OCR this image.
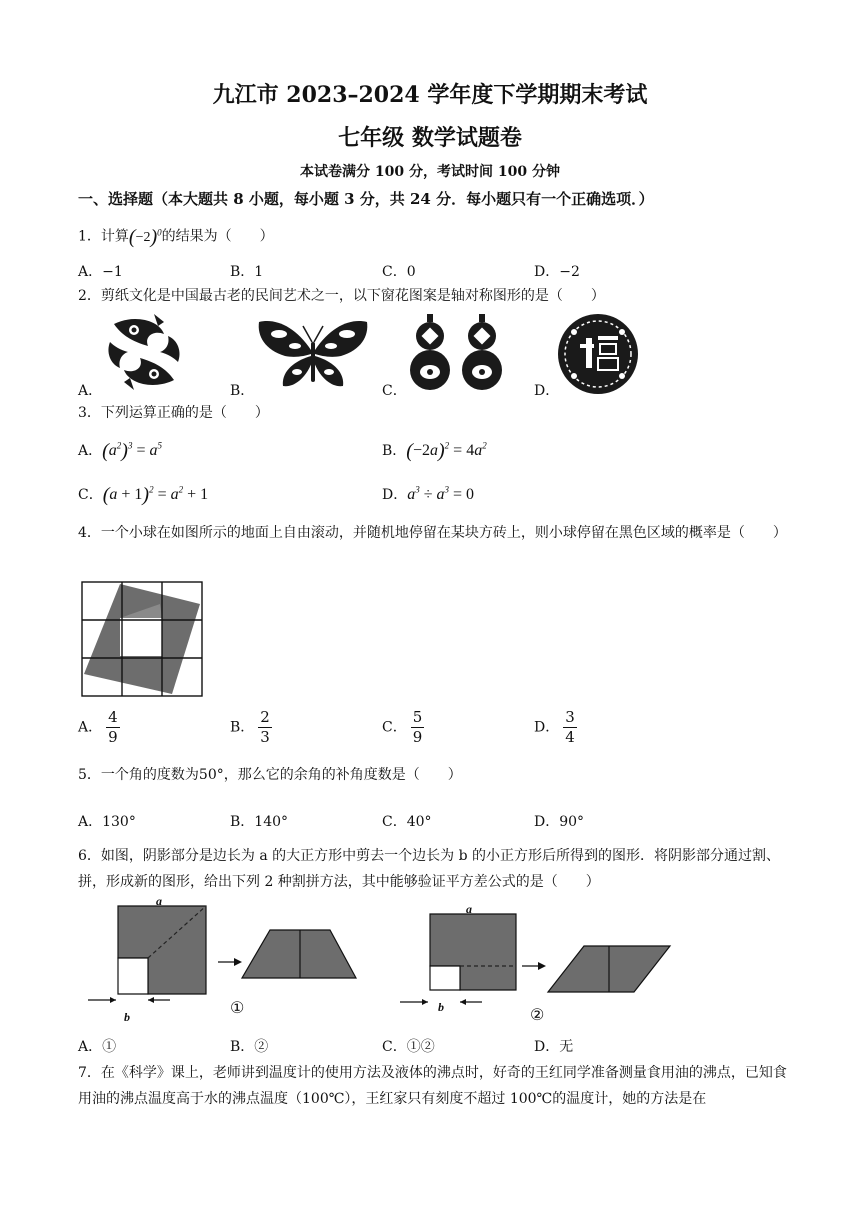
九江市 2023–2024 学年度下学期期末考试
七年级 数学试题卷
本试卷满分 100 分，考试时间 100 分钟
一、选择题（本大题共 8 小题，每小题 3 分，共 24 分．每小题只有一个正确选项．）
1．计算$(-2)^0$的结果为（　　）
A．−1	B．1	C．0	D．−2
2．剪纸文化是中国最古老的民间艺术之一，以下窗花图案是轴对称图形的是（　　）
A．	B．	C．	D．
3．下列运算正确的是（　　）
A．$(a^2)^3 = a^5$	B．$(-2a)^2 = 4a^2$
C．$(a + 1)^2 = a^2 + 1$	D．$a^3 \div a^3 = 0$
4．一个小球在如图所示的地面上自由滚动，并随机地停留在某块方砖上，则小球停留在黑色区域的概率是（　　）
A． $\frac{4}{9}$	B． $\frac{2}{3}$	C． $\frac{5}{9}$	D． $\frac{3}{4}$
5．一个角的度数为50°，那么它的余角的补角度数是（　　）
A．130°	B．140°	C．40°	D．90°
6．如图，阴影部分是边长为 a 的大正方形中剪去一个边长为 b 的小正方形后所得到的图形．将阴影部分通过割、拼，形成新的图形，给出下列 2 种割拼方法，其中能够验证平方差公式的是（　　）
a
b	①
a
b	②
A．①	B．②	C．①②	D．无
7．在《科学》课上，老师讲到温度计的使用方法及液体的沸点时，好奇的王红同学准备测量食用油的沸点，已知食用油的沸点温度高于水的沸点温度（100℃），王红家只有刻度不超过 100℃的温度计，她的方法是在
